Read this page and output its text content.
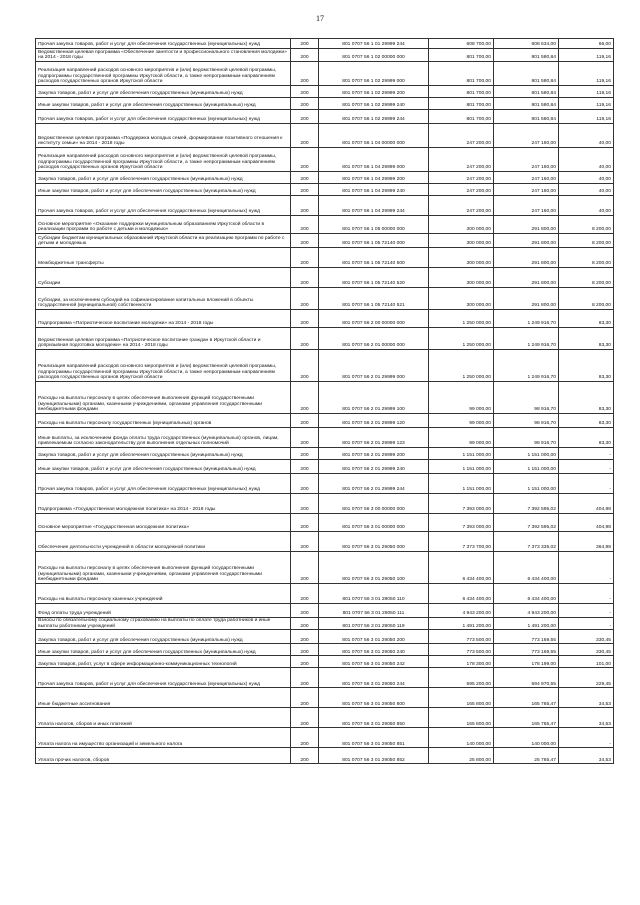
17
Прочая закупка товаров, работ и услуг для обеспечения государственных (муниципальных) нужд	200	801 0707 56 1 01 29999 244	608 700,00	608 634,00	66,00
Ведомственная целевая программа «Обеспечение занятости и профессионального становления молодежи» на 2014 - 2018 годы	200	801 0707 56 1 02 00000 000	801 700,00	801 580,84	119,16
Реализация направлений расходов основного мероприятия и (или) ведомственной целевой программы, подпрограммы государственной программы Иркутской области, а также непрограммным направлениям расходов государственных органов Иркутской области	200	801 0707 56 1 02 29999 000	801 700,00	801 580,84	119,16
Закупка товаров, работ и услуг для обеспечения государственных (муниципальных) нужд	200	801 0707 56 1 02 29999 200	801 700,00	801 580,84	119,16
Иные закупки товаров, работ и услуг для обеспечения государственных (муниципальных) нужд	200	801 0707 56 1 02 29999 240	801 700,00	801 580,84	119,16
Прочая закупка товаров, работ и услуг для обеспечения государственных (муниципальных) нужд	200	801 0707 56 1 02 29999 244	801 700,00	801 580,84	119,16
Ведомственная целевая программа «Поддержка молодых семей, формирование позитивного отношения к институту семьи» на 2014 - 2018 годы	200	801 0707 56 1 04 00000 000	247 200,00	247 160,00	40,00
Реализация направлений расходов основного мероприятия и (или) ведомственной целевой программы, подпрограммы государственной программы Иркутской области, а также непрограммным направлениям расходов государственных органов Иркутской области	200	801 0707 56 1 04 29999 000	247 200,00	247 160,00	40,00
Закупка товаров, работ и услуг для обеспечения государственных (муниципальных) нужд	200	801 0707 56 1 04 29999 200	247 200,00	247 160,00	40,00
Иные закупки товаров, работ и услуг для обеспечения государственных (муниципальных) нужд	200	801 0707 56 1 04 29999 240	247 200,00	247 160,00	40,00
Прочая закупка товаров, работ и услуг для обеспечения государственных (муниципальных) нужд	200	801 0707 56 1 04 29999 244	247 200,00	247 160,00	40,00
Основное мероприятие «Оказание поддержки муниципальным образованиям Иркутской области в реализации программ по работе с детьми и молодежью»	200	801 0707 56 1 05 00000 000	300 000,00	291 800,00	8 200,00
Субсидии бюджетам муниципальных образований Иркутской области на реализацию программ по работе с детьми и молодежью	200	801 0707 56 1 05 72140 000	300 000,00	291 800,00	8 200,00
Межбюджетные трансферты	200	801 0707 56 1 05 72140 500	300 000,00	291 800,00	8 200,00
Субсидии	200	801 0707 56 1 05 72140 520	300 000,00	291 800,00	8 200,00
Субсидии, за исключением субсидий на софинансирование капитальных вложений в объекты государственной (муниципальной) собственности	200	801 0707 56 1 05 72140 521	300 000,00	291 800,00	8 200,00
Подпрограмма «Патриотическое воспитание молодежи» на 2014 - 2018 годы	200	801 0707 56 2 00 00000 000	1 250 000,00	1 249 916,70	83,30
Ведомственная целевая программа «Патриотическое воспитание граждан в Иркутской области и допризывная подготовка молодежи» на 2014 - 2018 годы	200	801 0707 56 2 01 00000 000	1 250 000,00	1 249 916,70	83,30
Реализация направлений расходов основного мероприятия и (или) ведомственной целевой программы, подпрограммы государственной программы Иркутской области, а также непрограммным направлениям расходов государственных органов Иркутской области	200	801 0707 56 2 01 29999 000	1 250 000,00	1 249 916,70	83,30
Расходы на выплаты персоналу в целях обеспечения выполнения функций государственными (муниципальными) органами, казенными учреждениями, органами управления государственными внебюджетными фондами	200	801 0707 56 2 01 29999 100	99 000,00	98 916,70	83,30
Расходы на выплаты персоналу государственных (муниципальных) органов	200	801 0707 56 2 01 29999 120	99 000,00	98 916,70	83,30
Иные выплаты, за исключением фонда оплаты труда государственных (муниципальных) органов, лицам, привлекаемым согласно законодательству для выполнения отдельных полномочий	200	801 0707 56 2 01 29999 123	99 000,00	98 916,70	83,30
Закупка товаров, работ и услуг для обеспечения государственных (муниципальных) нужд	200	801 0707 56 2 01 29999 200	1 151 000,00	1 151 000,00	-
Иные закупки товаров, работ и услуг для обеспечения государственных (муниципальных) нужд	200	801 0707 56 2 01 29999 240	1 151 000,00	1 151 000,00	-
Прочая закупка товаров, работ и услуг для обеспечения государственных (муниципальных) нужд	200	801 0707 56 2 01 29999 244	1 151 000,00	1 151 000,00	-
Подпрограмма «Государственная молодежная политика» на 2014 - 2018 годы	200	801 0707 56 3 00 00000 000	7 393 000,00	7 392 595,02	404,98
Основное мероприятие «Государственная молодежная политика»	200	801 0707 56 3 01 00000 000	7 393 000,00	7 392 595,02	404,98
Обеспечение деятельности учреждений в области молодежной политики	200	801 0707 56 3 01 29050 000	7 373 700,00	7 373 335,02	364,98
Расходы на выплаты персоналу в целях обеспечения выполнения функций государственными (муниципальными) органами, казенными учреждениями, органами управления государственными внебюджетными фондами	200	801 0707 56 3 01 29050 100	6 434 400,00	6 434 400,00	-
Расходы на выплаты персоналу казенных учреждений	200	801 0707 56 3 01 29050 110	6 434 400,00	6 434 400,00	-
Фонд оплаты труда учреждений	200	801 0707 56 3 01 29050 111	4 943 200,00	4 943 200,00	-
Взносы по обязательному социальному страхованию на выплаты по оплате труда работников и иные выплаты работникам учреждений	200	801 0707 56 3 01 29050 119	1 491 200,00	1 491 200,00	-
Закупка товаров, работ и услуг для обеспечения государственных (муниципальных) нужд	200	801 0707 56 3 01 29050 200	773 500,00	773 169,55	330,45
Иные закупки товаров, работ и услуг для обеспечения государственных (муниципальных) нужд	200	801 0707 56 3 01 29050 240	773 500,00	773 169,55	330,45
Закупка товаров, работ, услуг в сфере информационно-коммуникационных технологий	200	801 0707 56 3 01 29050 242	178 300,00	178 199,00	101,00
Прочая закупка товаров, работ и услуг для обеспечения государственных (муниципальных) нужд	200	801 0707 56 3 01 29050 244	595 200,00	594 970,55	229,45
Иные бюджетные ассигнования	200	801 0707 56 3 01 29050 800	165 800,00	165 765,47	34,53
Уплата налогов, сборов и иных платежей	200	801 0707 56 3 01 29050 850	165 800,00	165 765,47	34,53
Уплата налога на имущество организаций и земельного налога	200	801 0707 56 3 01 29050 851	140 000,00	140 000,00	-
Уплата прочих налогов, сборов	200	801 0707 56 3 01 29050 852	25 800,00	25 765,47	34,53
